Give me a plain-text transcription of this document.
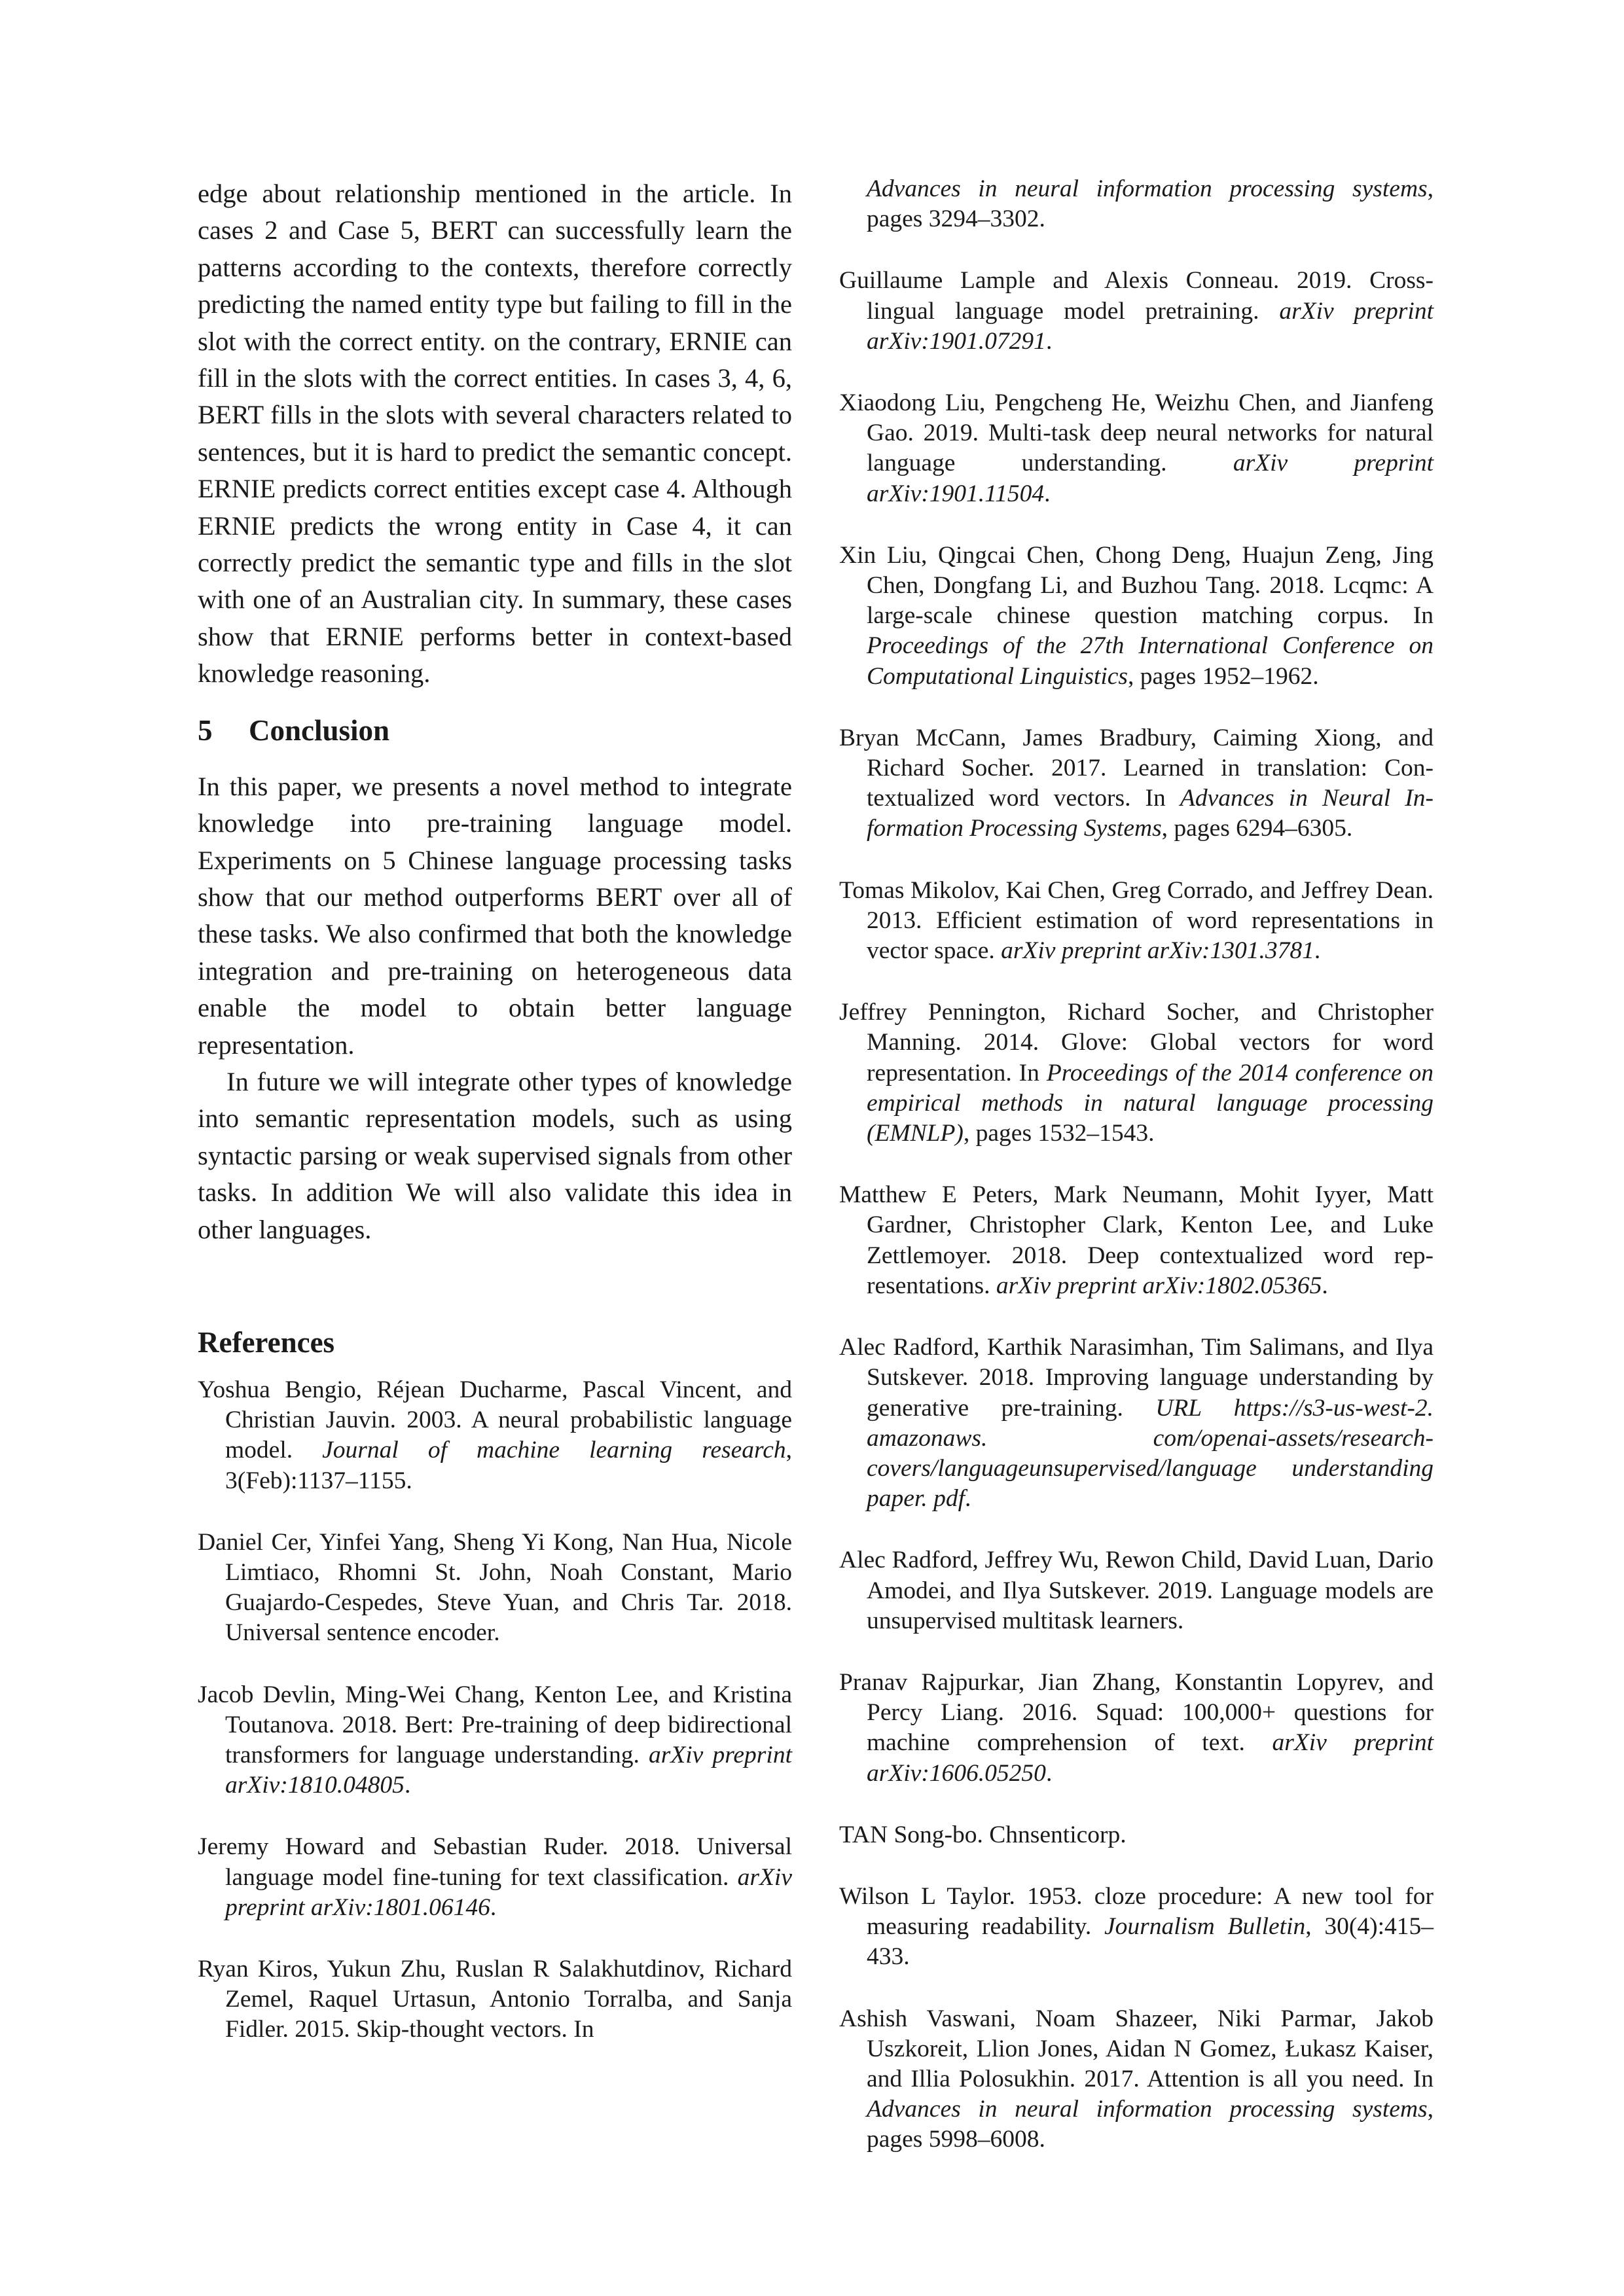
edge about relationship mentioned in the article. In cases 2 and Case 5, BERT can successfully learn the patterns according to the contexts, therefore correctly predicting the named entity type but failing to fill in the slot with the correct entity. on the contrary, ERNIE can fill in the slots with the correct entities. In cases 3, 4, 6, BERT fills in the slots with several characters related to sentences, but it is hard to predict the semantic concept. ERNIE predicts correct entities except case 4. Although ERNIE predicts the wrong entity in Case 4, it can correctly predict the semantic type and fills in the slot with one of an Australian city. In summary, these cases show that ERNIE performs better in context-based knowledge reasoning.

5 Conclusion

In this paper, we presents a novel method to integrate knowledge into pre-training language model. Experiments on 5 Chinese language processing tasks show that our method outperforms BERT over all of these tasks. We also confirmed that both the knowledge integration and pre-training on heterogeneous data enable the model to obtain better language representation.

In future we will integrate other types of knowledge into semantic representation models, such as using syntactic parsing or weak supervised signals from other tasks. In addition We will also validate this idea in other languages.

References

Yoshua Bengio, Réjean Ducharme, Pascal Vincent, and Christian Jauvin. 2003. A neural probabilistic language model. Journal of machine learning research, 3(Feb):1137–1155.

Daniel Cer, Yinfei Yang, Sheng Yi Kong, Nan Hua, Nicole Limtiaco, Rhomni St. John, Noah Constant, Mario Guajardo-Cespedes, Steve Yuan, and Chris Tar. 2018. Universal sentence encoder.

Jacob Devlin, Ming-Wei Chang, Kenton Lee, and Kristina Toutanova. 2018. Bert: Pre-training of deep bidirectional transformers for language understanding. arXiv preprint arXiv:1810.04805.

Jeremy Howard and Sebastian Ruder. 2018. Universal language model fine-tuning for text classification. arXiv preprint arXiv:1801.06146.

Ryan Kiros, Yukun Zhu, Ruslan R Salakhutdinov, Richard Zemel, Raquel Urtasun, Antonio Torralba, and Sanja Fidler. 2015. Skip-thought vectors. In

Advances in neural information processing systems, pages 3294–3302.

Guillaume Lample and Alexis Conneau. 2019. Cross-lingual language model pretraining. arXiv preprint arXiv:1901.07291.

Xiaodong Liu, Pengcheng He, Weizhu Chen, and Jianfeng Gao. 2019. Multi-task deep neural networks for natural language understanding. arXiv preprint arXiv:1901.11504.

Xin Liu, Qingcai Chen, Chong Deng, Huajun Zeng, Jing Chen, Dongfang Li, and Buzhou Tang. 2018. Lcqmc: A large-scale chinese question matching corpus. In Proceedings of the 27th International Conference on Computational Linguistics, pages 1952–1962.

Bryan McCann, James Bradbury, Caiming Xiong, and Richard Socher. 2017. Learned in translation: Contextualized word vectors. In Advances in Neural Information Processing Systems, pages 6294–6305.

Tomas Mikolov, Kai Chen, Greg Corrado, and Jeffrey Dean. 2013. Efficient estimation of word representations in vector space. arXiv preprint arXiv:1301.3781.

Jeffrey Pennington, Richard Socher, and Christopher Manning. 2014. Glove: Global vectors for word representation. In Proceedings of the 2014 conference on empirical methods in natural language processing (EMNLP), pages 1532–1543.

Matthew E Peters, Mark Neumann, Mohit Iyyer, Matt Gardner, Christopher Clark, Kenton Lee, and Luke Zettlemoyer. 2018. Deep contextualized word representations. arXiv preprint arXiv:1802.05365.

Alec Radford, Karthik Narasimhan, Tim Salimans, and Ilya Sutskever. 2018. Improving language understanding by generative pre-training. URL https://s3-us-west-2. amazonaws. com/openai-assets/research-covers/languageunsupervised/language understanding paper. pdf.

Alec Radford, Jeffrey Wu, Rewon Child, David Luan, Dario Amodei, and Ilya Sutskever. 2019. Language models are unsupervised multitask learners.

Pranav Rajpurkar, Jian Zhang, Konstantin Lopyrev, and Percy Liang. 2016. Squad: 100,000+ questions for machine comprehension of text. arXiv preprint arXiv:1606.05250.

TAN Song-bo. Chnsenticorp.

Wilson L Taylor. 1953. cloze procedure: A new tool for measuring readability. Journalism Bulletin, 30(4):415–433.

Ashish Vaswani, Noam Shazeer, Niki Parmar, Jakob Uszkoreit, Llion Jones, Aidan N Gomez, Łukasz Kaiser, and Illia Polosukhin. 2017. Attention is all you need. In Advances in neural information processing systems, pages 5998–6008.
